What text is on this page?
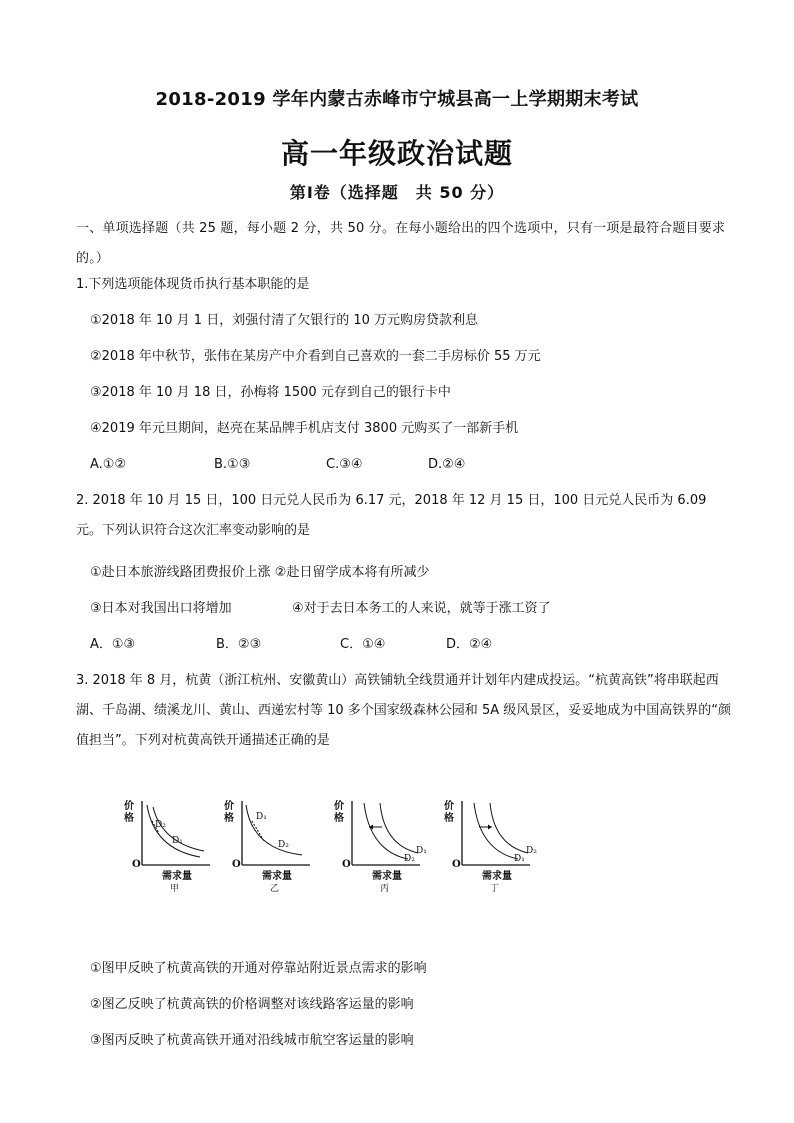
2018-2019 学年内蒙古赤峰市宁城县高一上学期期末考试
高一年级政治试题
第Ⅰ卷（选择题　共 50 分）
一、单项选择题（共 25 题，每小题 2 分，共 50 分。在每小题给出的四个选项中，只有一项是最符合题目要求的。）
1.下列选项能体现货币执行基本职能的是
①2018 年 10 月 1 日，刘强付清了欠银行的 10 万元购房贷款利息
②2018 年中秋节，张伟在某房产中介看到自己喜欢的一套二手房标价 55 万元
③2018 年 10 月 18 日，孙梅将 1500 元存到自己的银行卡中
④2019 年元旦期间，赵亮在某品牌手机店支付 3800 元购买了一部新手机
A.①②	B.①③	C.③④	D.②④
2. 2018 年 10 月 15 日，100 日元兑人民币为 6.17 元，2018 年 12 月 15 日，100 日元兑人民币为 6.09 元。下列认识符合这次汇率变动影响的是
①赴日本旅游线路团费报价上涨 ②赴日留学成本将有所减少
③日本对我国出口将增加	④对于去日本务工的人来说，就等于涨工资了
A．①③	B．②③	C．①④	D．②④
3. 2018 年 8 月，杭黄（浙江杭州、安徽黄山）高铁铺轨全线贯通并计划年内建成投运。“杭黄高铁”将串联起西湖、千岛湖、绩溪龙川、黄山、西递宏村等 10 多个国家级森林公园和 5A 级风景区，妥妥地成为中国高铁界的“颜值担当”。下列对杭黄高铁开通描述正确的是
价
格
O
D₂
D₁
需求量
甲
价
格
O
D₁
D₂
需求量
乙
价
格
O	D₂
D₁
需求量
丙
价
格
O	D₁
D₂
需求量
丁
①图甲反映了杭黄高铁的开通对停靠站附近景点需求的影响
②图乙反映了杭黄高铁的价格调整对该线路客运量的影响
③图丙反映了杭黄高铁开通对沿线城市航空客运量的影响
